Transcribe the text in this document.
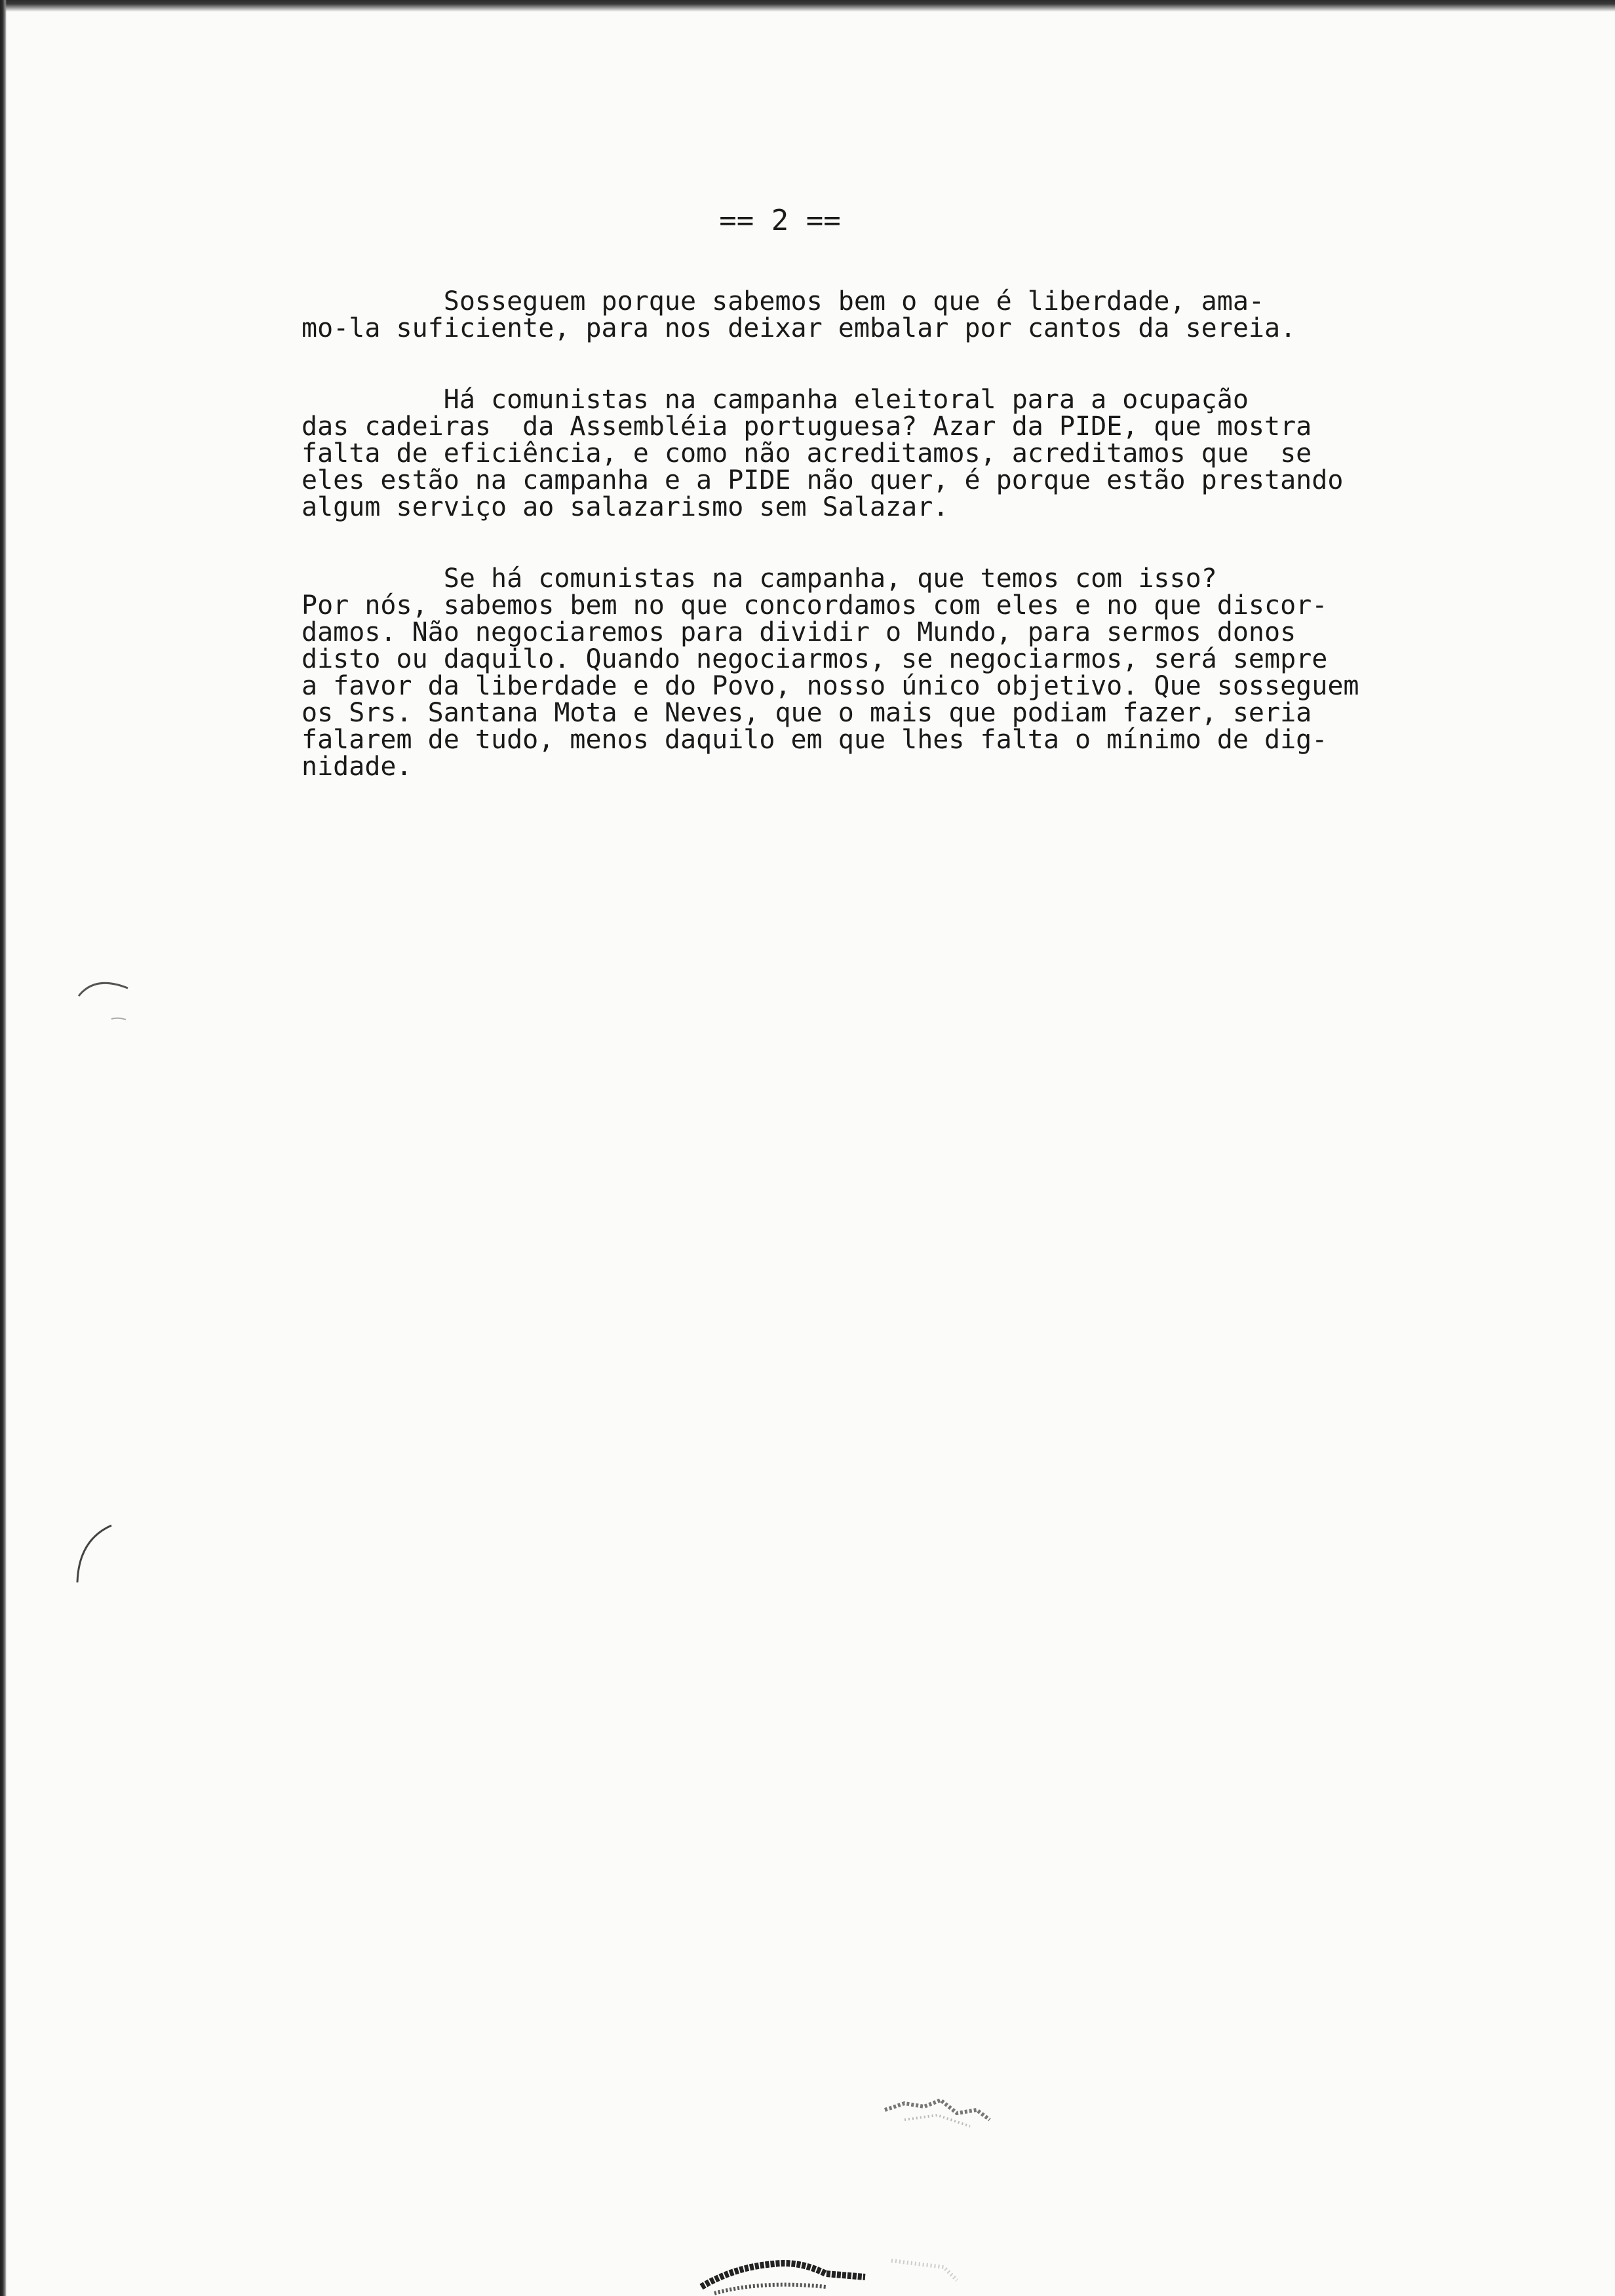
== 2 ==

Sosseguem porque sabemos bem o que é liberdade, ama-
mo-la suficiente, para nos deixar embalar por cantos da sereia.

Há comunistas na campanha eleitoral para a ocupação
das cadeiras  da Assembléia portuguesa? Azar da PIDE, que mostra
falta de eficiência, e como não acreditamos, acreditamos que  se
eles estão na campanha e a PIDE não quer, é porque estão prestando
algum serviço ao salazarismo sem Salazar.

Se há comunistas na campanha, que temos com isso?
Por nós, sabemos bem no que concordamos com eles e no que discor-
damos. Não negociaremos para dividir o Mundo, para sermos donos
disto ou daquilo. Quando negociarmos, se negociarmos, será sempre
a favor da liberdade e do Povo, nosso único objetivo. Que sosseguem
os Srs. Santana Mota e Neves, que o mais que podiam fazer, seria
falarem de tudo, menos daquilo em que lhes falta o mínimo de dig-
nidade.
